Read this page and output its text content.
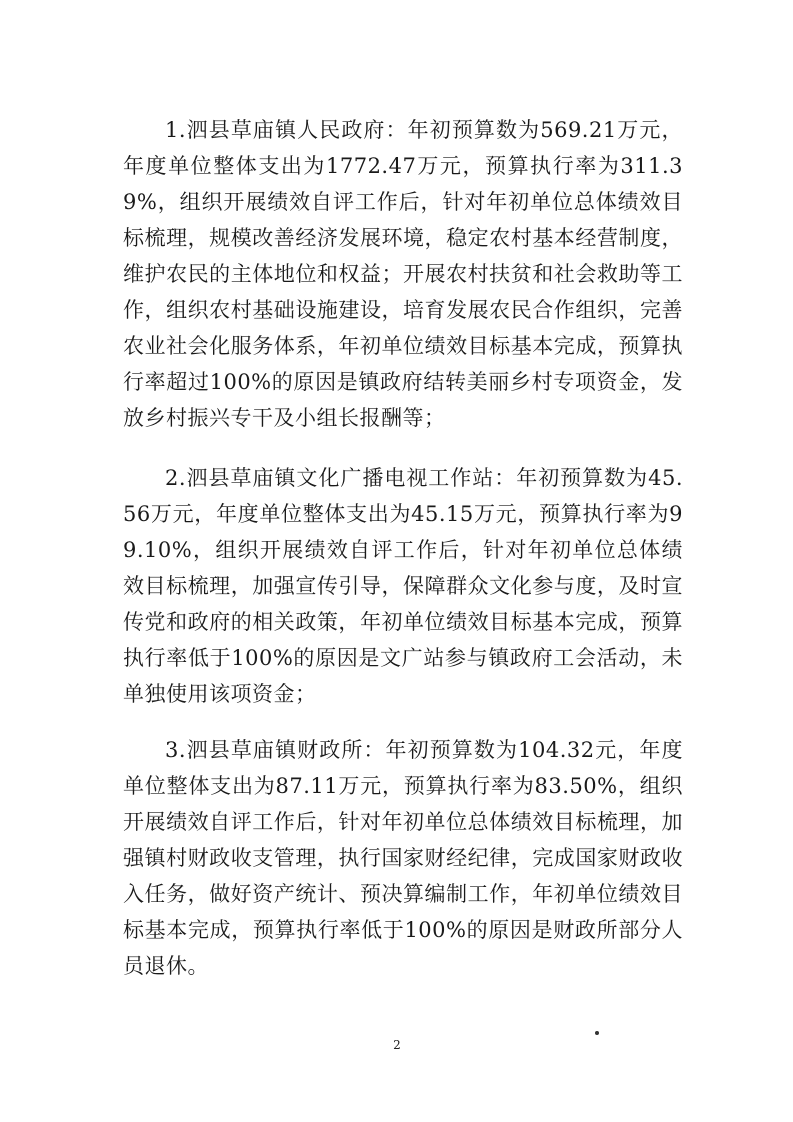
1.泗县草庙镇人民政府：年初预算数为569.21万元，年度单位整体支出为1772.47万元，预算执行率为311.39%，组织开展绩效自评工作后，针对年初单位总体绩效目标梳理，规模改善经济发展环境，稳定农村基本经营制度，维护农民的主体地位和权益；开展农村扶贫和社会救助等工作，组织农村基础设施建设，培育发展农民合作组织，完善农业社会化服务体系，年初单位绩效目标基本完成，预算执行率超过100%的原因是镇政府结转美丽乡村专项资金，发放乡村振兴专干及小组长报酬等；

2.泗县草庙镇文化广播电视工作站：年初预算数为45.56万元，年度单位整体支出为45.15万元，预算执行率为99.10%，组织开展绩效自评工作后，针对年初单位总体绩效目标梳理，加强宣传引导，保障群众文化参与度，及时宣传党和政府的相关政策，年初单位绩效目标基本完成，预算执行率低于100%的原因是文广站参与镇政府工会活动，未单独使用该项资金；

3.泗县草庙镇财政所：年初预算数为104.32元，年度单位整体支出为87.11万元，预算执行率为83.50%，组织开展绩效自评工作后，针对年初单位总体绩效目标梳理，加强镇村财政收支管理，执行国家财经纪律，完成国家财政收入任务，做好资产统计、预决算编制工作，年初单位绩效目标基本完成，预算执行率低于100%的原因是财政所部分人员退休。

2
